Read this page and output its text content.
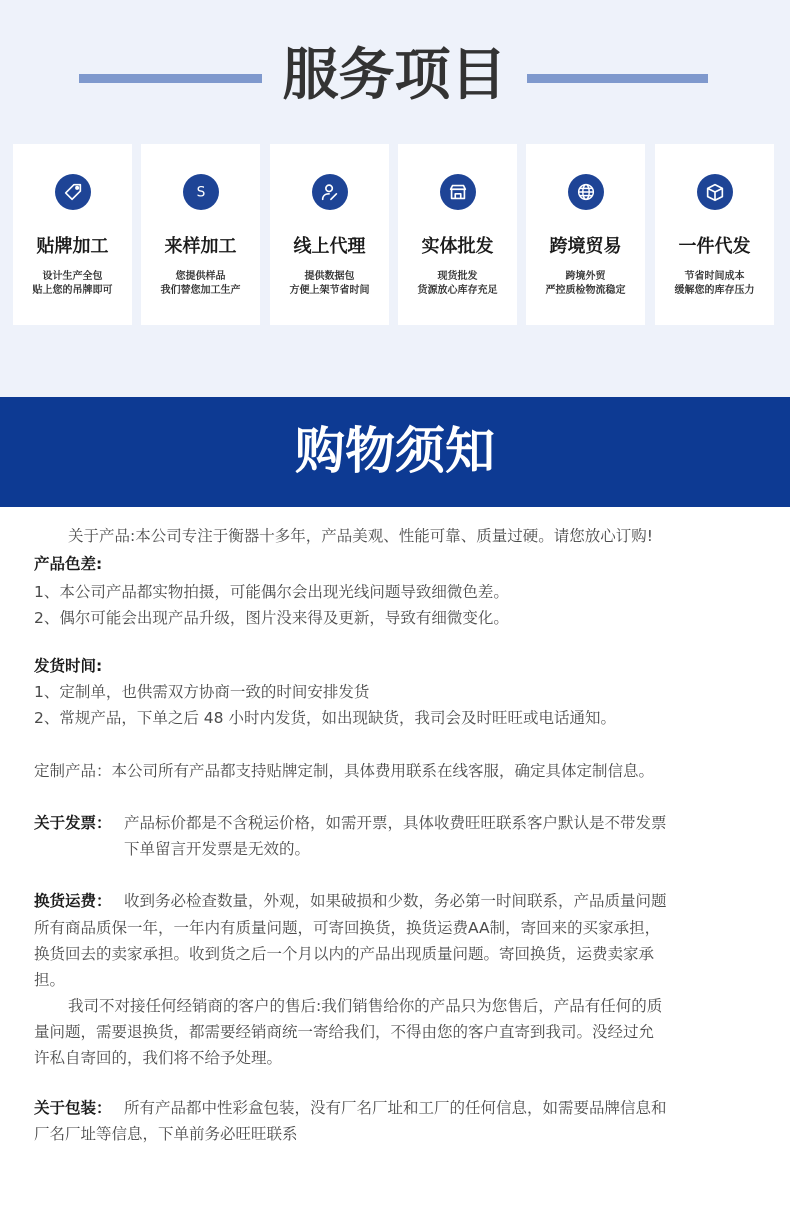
服务项目
贴牌加工
设计生产全包
贴上您的吊牌即可
S
来样加工
您提供样品
我们替您加工生产
线上代理
提供数据包
方便上架节省时间
实体批发
现货批发
货源放心库存充足
跨境贸易
跨境外贸
严控质检物流稳定
一件代发
节省时间成本
缓解您的库存压力
购物须知
关于产品:本公司专注于衡器十多年，产品美观、性能可靠、质量过硬。请您放心订购!
产品色差:
1、本公司产品都实物拍摄，可能偶尔会出现光线问题导致细微色差。
2、偶尔可能会出现产品升级，图片没来得及更新，导致有细微变化。
发货时间:
1、定制单，也供需双方协商一致的时间安排发货
2、常规产品，下单之后 48 小时内发货，如出现缺货，我司会及时旺旺或电话通知。
定制产品：本公司所有产品都支持贴牌定制，具体费用联系在线客服，确定具体定制信息。
关于发票： 产品标价都是不含税运价格，如需开票，具体收费旺旺联系客户默认是不带发票
下单留言开发票是无效的。
换货运费： 收到务必检查数量，外观，如果破损和少数，务必第一时间联系，产品质量问题
所有商品质保一年，一年内有质量问题，可寄回换货，换货运费AA制，寄回来的买家承担，
换货回去的卖家承担。收到货之后一个月以内的产品出现质量问题。寄回换货，运费卖家承
担。
我司不对接任何经销商的客户的售后:我们销售给你的产品只为您售后，产品有任何的质
量问题，需要退换货，都需要经销商统一寄给我们，不得由您的客户直寄到我司。没经过允
许私自寄回的，我们将不给予处理。
关于包装： 所有产品都中性彩盒包装，没有厂名厂址和工厂的任何信息，如需要品牌信息和
厂名厂址等信息，下单前务必旺旺联系
